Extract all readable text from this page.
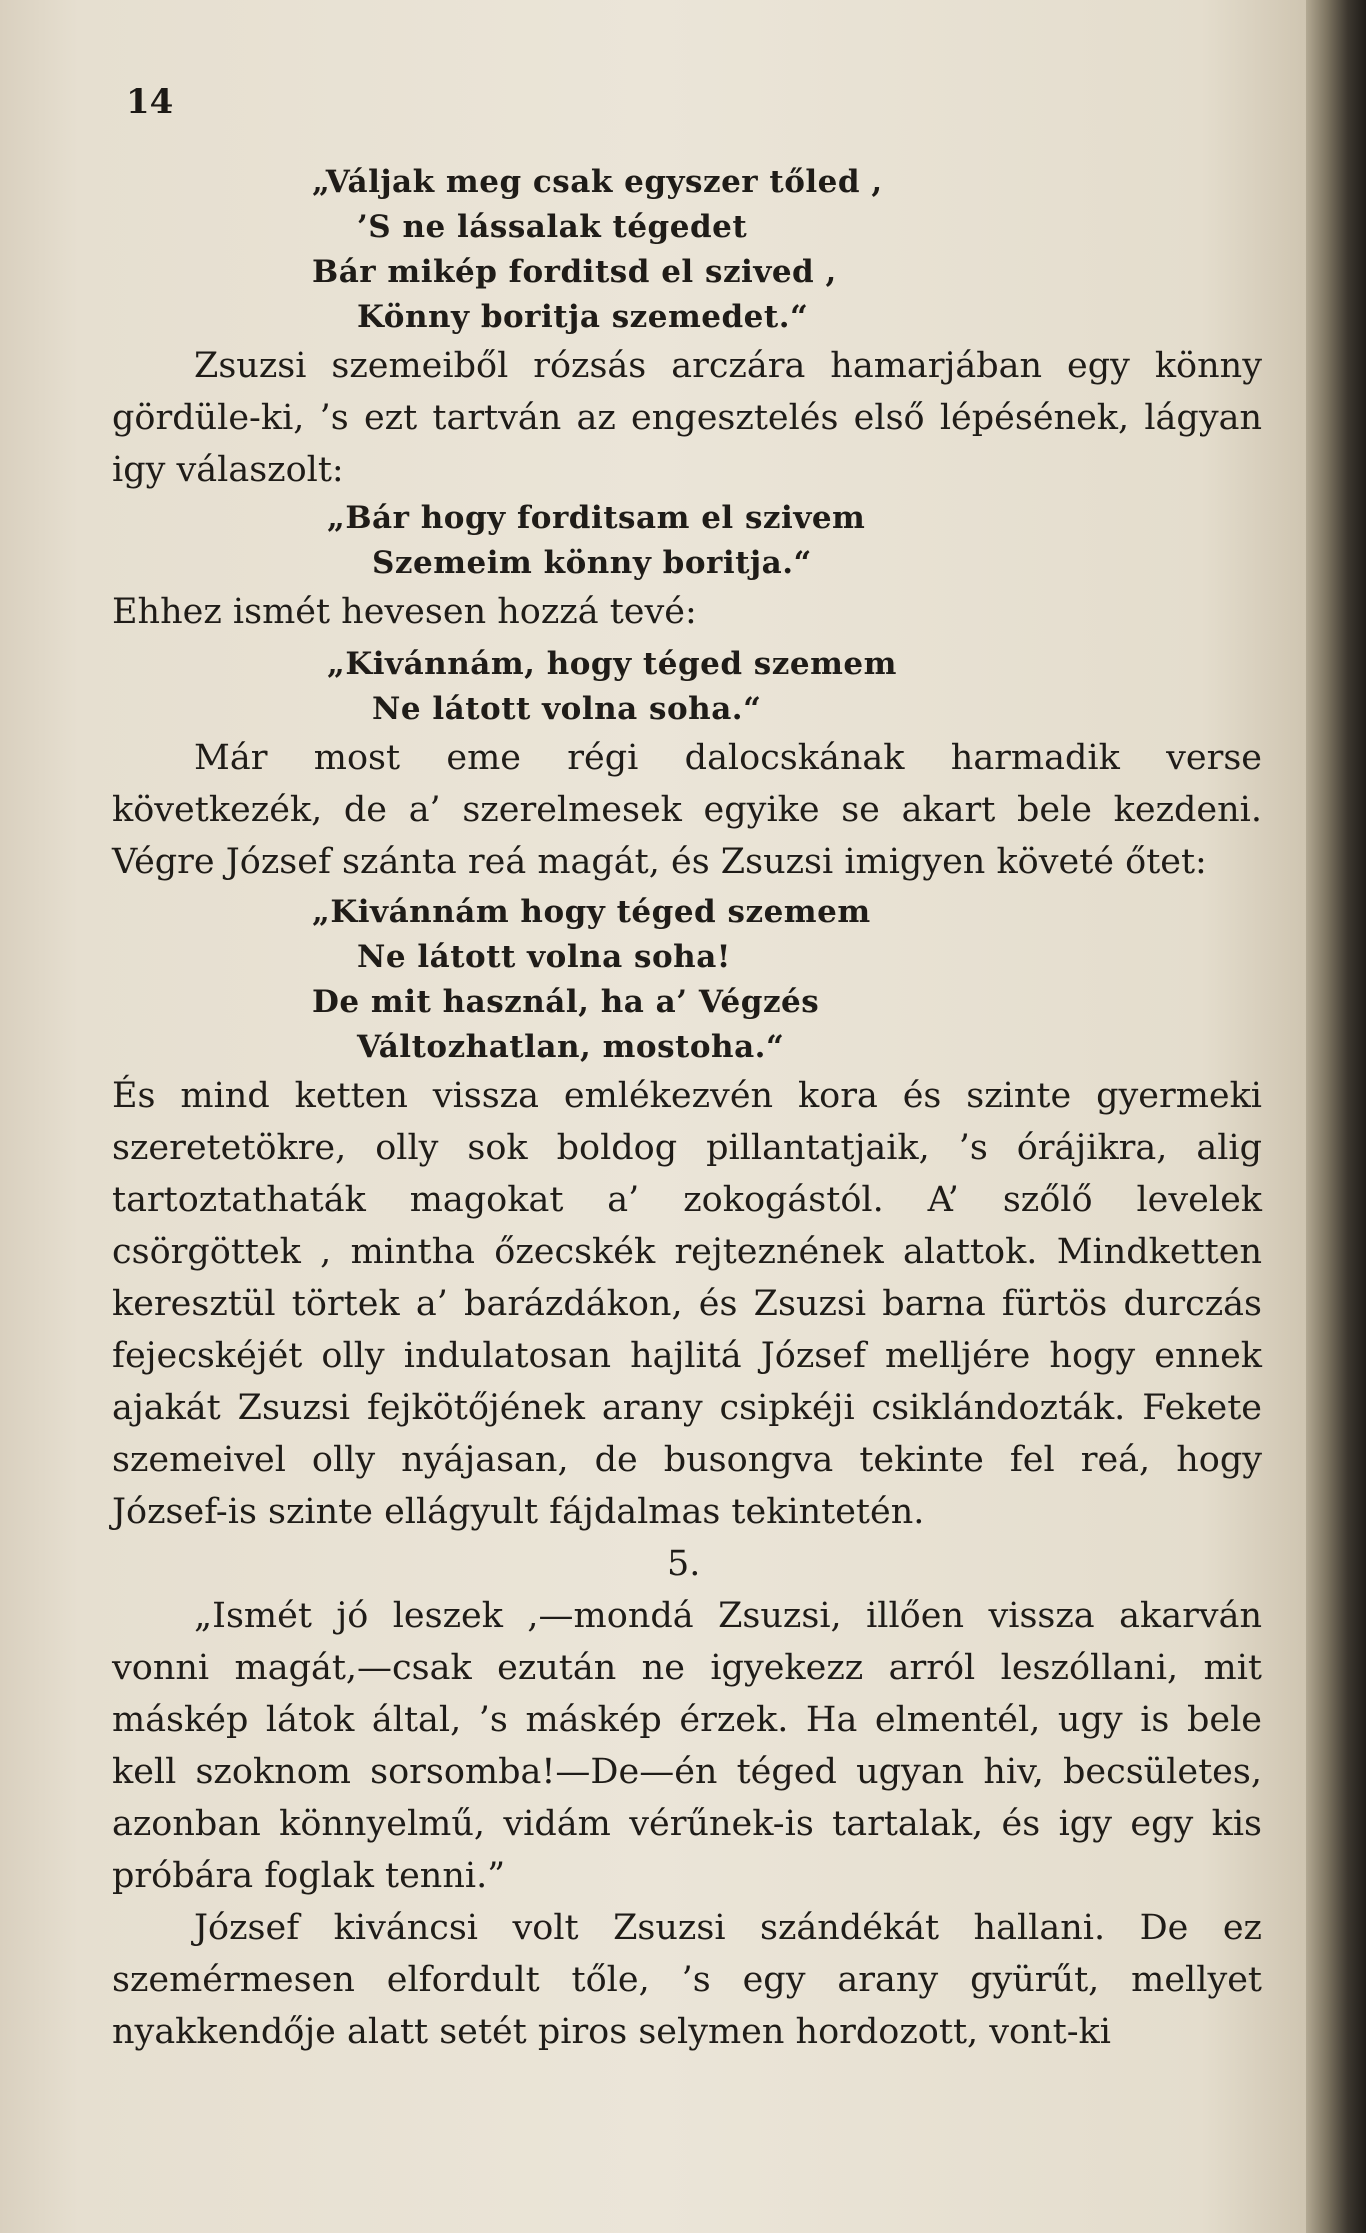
14

„Váljak meg csak egyszer tőled ,

’S ne lássalak tégedet

Bár mikép forditsd el szived ,

Könny boritja szemedet.“

Zsuzsi szemeiből rózsás arczára hamarjában egy könny gördüle-ki, ’s ezt tartván az engesztelés első lépésének, lágyan igy válaszolt:

„Bár hogy forditsam el szivem

Szemeim könny boritja.“

Ehhez ismét hevesen hozzá tevé:

„Kivánnám, hogy téged szemem

Ne látott volna soha.“

Már most eme régi dalocskának harmadik verse következék, de a’ szerelmesek egyike se akart bele kezdeni. Végre József szánta reá magát, és Zsuzsi imigyen követé őtet:

„Kivánnám hogy téged szemem

Ne látott volna soha!

De mit használ, ha a’ Végzés

Változhatlan, mostoha.“

És mind ketten vissza emlékezvén kora és szinte gyermeki szeretetökre, olly sok boldog pillantatjaik, ’s órájikra, alig tartoztathaták magokat a’ zokogástól. A’ szőlő levelek csörgöttek , mintha őzecskék rejteznének alattok. Mindketten keresztül törtek a’ barázdákon, és Zsuzsi barna fürtös durczás fejecskéjét olly indulatosan hajlitá József melljére hogy ennek ajakát Zsuzsi fejkötőjének arany csipkéji csiklándozták. Fekete szemeivel olly nyájasan, de busongva tekinte fel reá, hogy József-is szinte ellágyult fájdalmas tekintetén.

5.

„Ismét jó leszek ,—mondá Zsuzsi, illően vissza akarván vonni magát,—csak ezután ne igyekezz arról leszóllani, mit máskép látok által, ’s máskép érzek. Ha elmentél, ugy is bele kell szoknom sorsomba!—De—én téged ugyan hiv, becsületes, azonban könnyelmű, vidám vérűnek-is tartalak, és igy egy kis próbára foglak tenni.”

József kiváncsi volt Zsuzsi szándékát hallani. De ez szemérmesen elfordult tőle, ’s egy arany gyürűt, mellyet nyakkendője alatt setét piros selymen hordozott, vont-ki
